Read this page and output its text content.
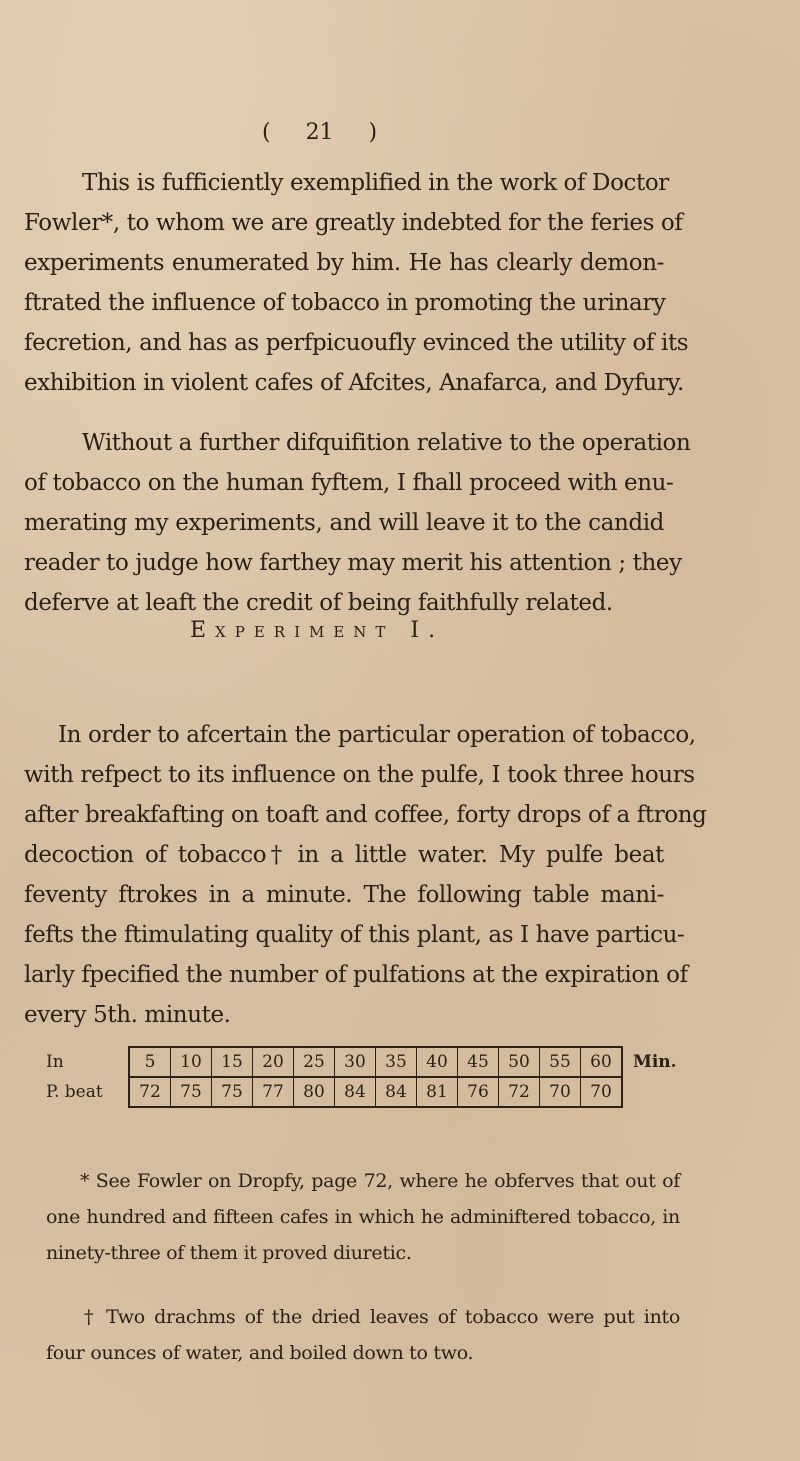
( 21 )
This is fufficiently exemplified in the work of Doctor
Fowler*, to whom we are greatly indebted for the feries of
experiments enumerated by him. He has clearly demon-
ftrated the influence of tobacco in promoting the urinary
fecretion, and has as perfpicuoufly evinced the utility of its
exhibition in violent cafes of Afcites, Anafarca, and Dyfury.
Without a further difquifition relative to the operation
of tobacco on the human fyftem, I fhall proceed with enu-
merating my experiments, and will leave it to the candid
reader to judge how farthey may merit his attention ; they
deferve at leaft the credit of being faithfully related.
Experiment I.
In order to afcertain the particular operation of tobacco,
with refpect to its influence on the pulfe, I took three hours
after breakfafting on toaft and coffee, forty drops of a ftrong
decoction of tobacco† in a little water. My pulfe beat
feventy ftrokes in a minute. The following table mani-
fefts the ftimulating quality of this plant, as I have particu-
larly fpecified the number of pulfations at the expiration of
every 5th. minute.
In	5	10	15	20	25	30	35	40	45	50	55	60	Min.
P. beat	72	75	75	77	80	84	84	81	76	72	70	70	
* See Fowler on Dropfy, page 72, where he obferves that out of
one hundred and fifteen cafes in which he adminiftered tobacco, in
ninety-three of them it proved diuretic.
† Two drachms of the dried leaves of tobacco were put into
four ounces of water, and boiled down to two.
